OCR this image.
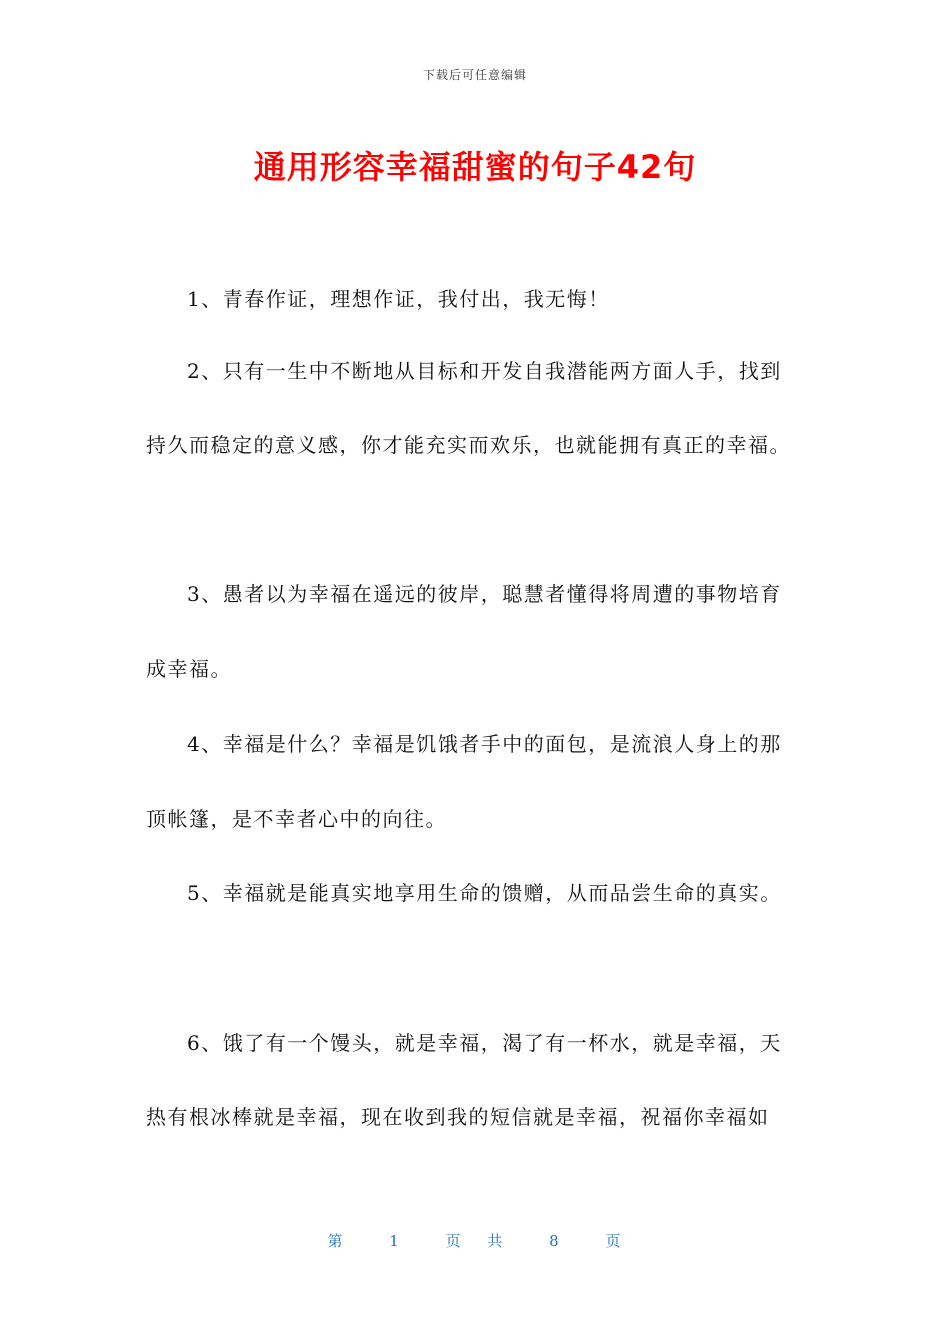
下载后可任意编辑
通用形容幸福甜蜜的句子42句

1、青春作证，理想作证，我付出，我无悔！

2、只有一生中不断地从目标和开发自我潜能两方面人手，找到

持久而稳定的意义感，你才能充实而欢乐，也就能拥有真正的幸福。

3、愚者以为幸福在遥远的彼岸，聪慧者懂得将周遭的事物培育

成幸福。

4、幸福是什么？幸福是饥饿者手中的面包，是流浪人身上的那

顶帐篷，是不幸者心中的向往。

5、幸福就是能真实地享用生命的馈赠，从而品尝生命的真实。

6、饿了有一个馒头，就是幸福，渴了有一杯水，就是幸福，天

热有根冰棒就是幸福，现在收到我的短信就是幸福，祝福你幸福如

第	1	页 共	8	页
